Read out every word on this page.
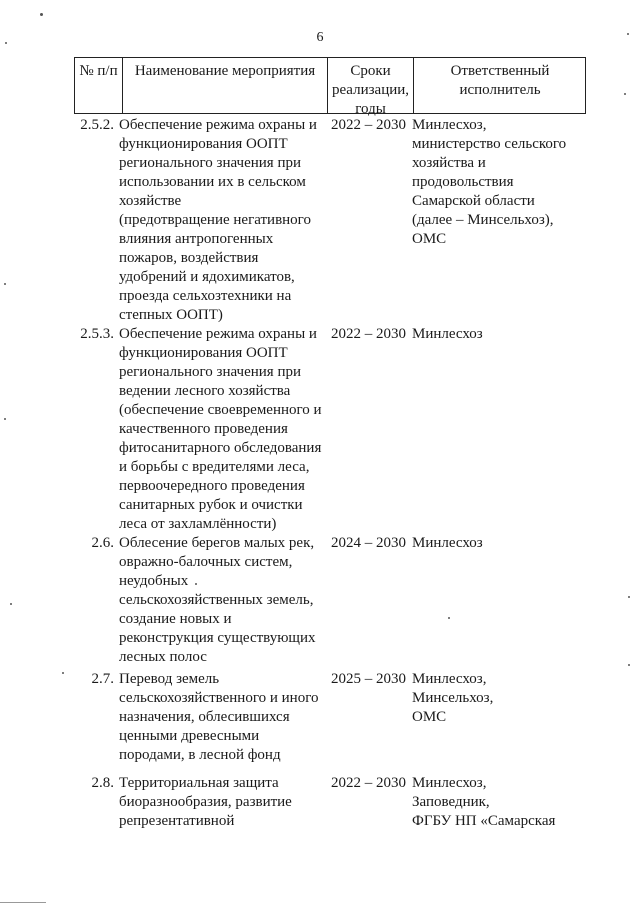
6
№ п/п	Наименование мероприятия	Сроки
реализации,
годы
Ответственный
исполнитель
2.5.2. Обеспечение режима охраны и
функционирования ООПТ
регионального значения при
использовании их в сельском
хозяйстве
(предотвращение негативного
влияния антропогенных
пожаров, воздействия
удобрений и ядохимикатов,
проезда сельхозтехники на
степных ООПТ)
2022 – 2030 Минлесхоз,
министерство сельского
хозяйства и
продовольствия
Самарской области
(далее – Минсельхоз),
ОМС
2.5.3. Обеспечение режима охраны и
функционирования ООПТ
регионального значения при
ведении лесного хозяйства
(обеспечение своевременного и
качественного проведения
фитосанитарного обследования
и борьбы с вредителями леса,
первоочередного проведения
санитарных рубок и очистки
леса от захламлённости)
2022 – 2030 Минлесхоз
2.6. Облесение берегов малых рек,
овражно-балочных систем,
неудобных
сельскохозяйственных земель,
создание новых и
реконструкция существующих
лесных полос
2024 – 2030 Минлесхоз
2.7. Перевод земель
сельскохозяйственного и иного
назначения, облесившихся
ценными древесными
породами, в лесной фонд
2025 – 2030 Минлесхоз,
Минсельхоз,
ОМС
2.8. Территориальная защита
биоразнообразия, развитие
репрезентативной
2022 – 2030 Минлесхоз,
Заповедник,
ФГБУ НП «Самарская
